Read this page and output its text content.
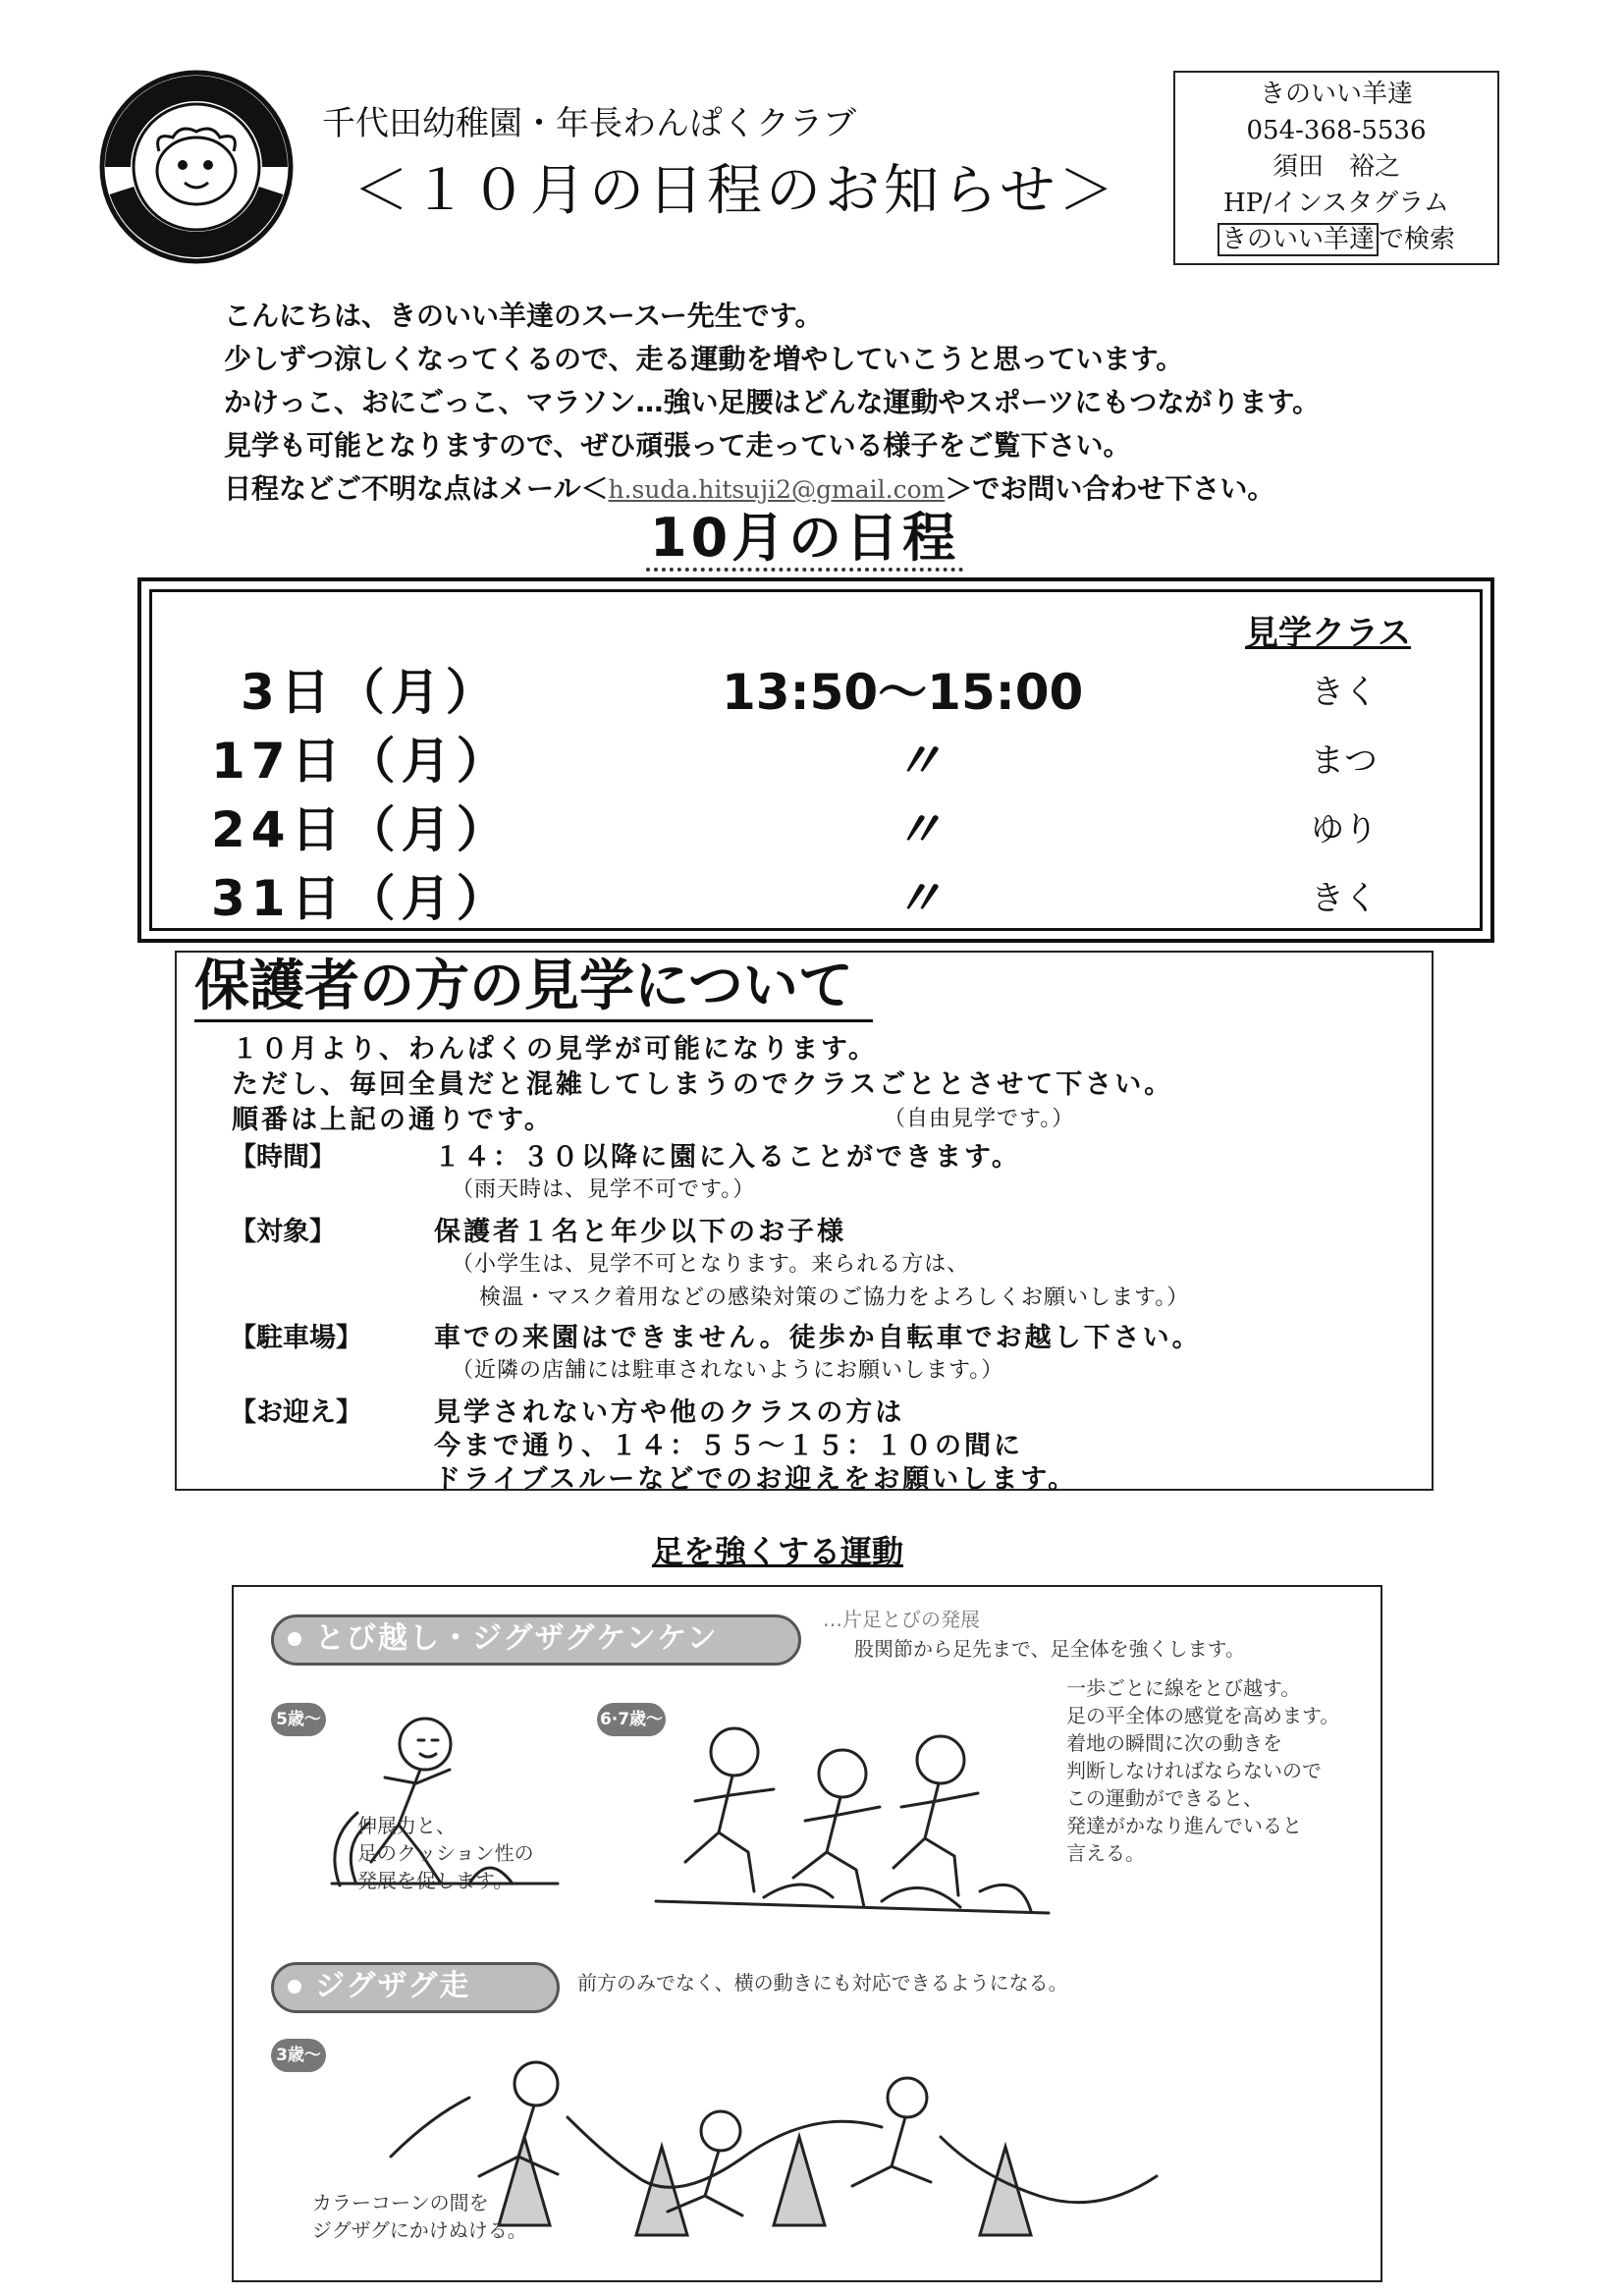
千代田幼稚園・年長わんぱくクラブ
＜１０月の日程のお知らせ＞
きのいい羊達
054-368-5536
須田　裕之
HP/インスタグラム
きのいい羊達 で検索
こんにちは、きのいい羊達のスースー先生です。
少しずつ涼しくなってくるので、走る運動を増やしていこうと思っています。
かけっこ、おにごっこ、マラソン…強い足腰はどんな運動やスポーツにもつながります。
見学も可能となりますので、ぜひ頑張って走っている様子をご覧下さい。
日程などご不明な点はメール＜h.suda.hitsuji2@gmail.com＞でお問い合わせ下さい。
10月の日程
見学クラス
3日（月）	13:50〜15:00	きく
17日（月）	〃	まつ
24日（月）	〃	ゆり
31日（月）	〃	きく
保護者の方の見学について
１０月より、わんぱくの見学が可能になります。
ただし、毎回全員だと混雑してしまうのでクラスごととさせて下さい。
順番は上記の通りです。	（自由見学です。）
【時間】	１４：３０以降に園に入ることができます。
（雨天時は、見学不可です。）
【対象】	保護者１名と年少以下のお子様
（小学生は、見学不可となります。来られる方は、
検温・マスク着用などの感染対策のご協力をよろしくお願いします。）
【駐車場】	車での来園はできません。徒歩か自転車でお越し下さい。
（近隣の店舗には駐車されないようにお願いします。）
【お迎え】	見学されない方や他のクラスの方は
今まで通り、１４：５５〜１５：１０の間に
ドライブスルーなどでのお迎えをお願いします。
足を強くする運動
とび越し・ジグザグケンケン
…片足とびの発展
股関節から足先まで、足全体を強くします。
5歳〜	6·7歳〜
伸展力と、
足のクッション性の
発展を促します。
一歩ごとに線をとび越す。
足の平全体の感覚を高めます。
着地の瞬間に次の動きを
判断しなければならないので
この運動ができると、
発達がかなり進んでいると
言える。
ジグザグ走	前方のみでなく、横の動きにも対応できるようになる。
3歳〜
カラーコーンの間を
ジグザグにかけぬける。
